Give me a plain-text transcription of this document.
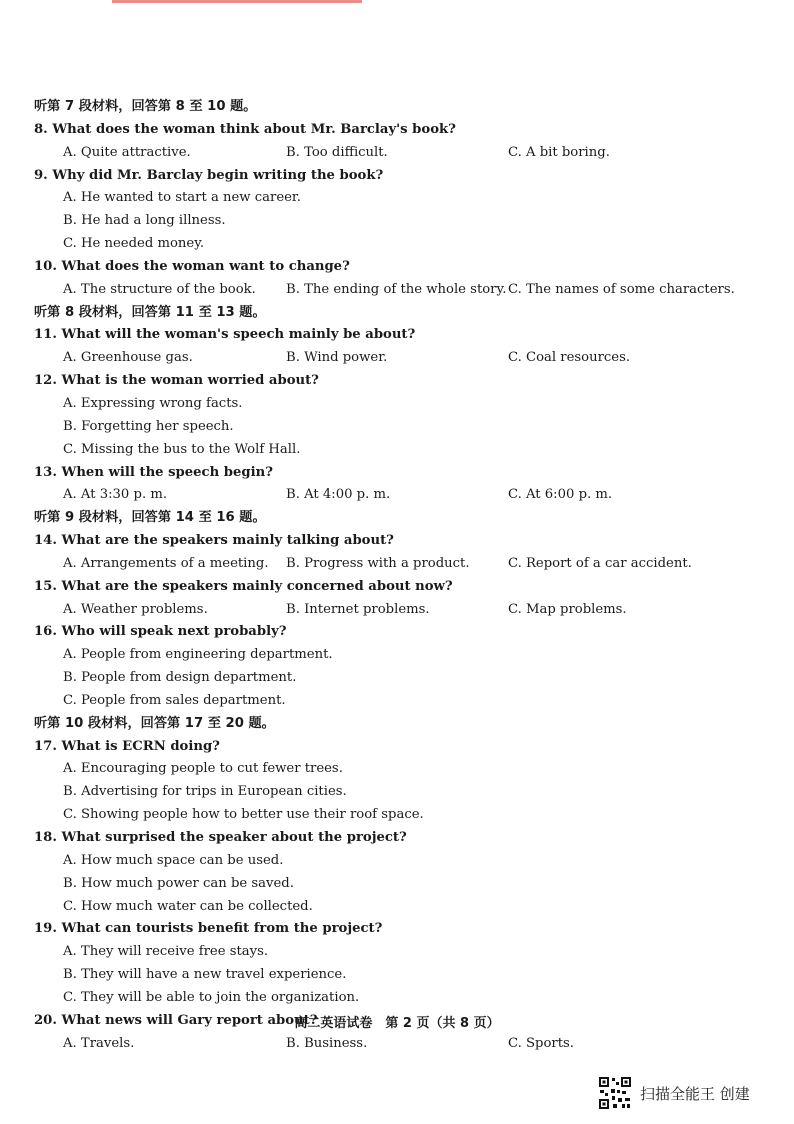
听第 7 段材料，回答第 8 至 10 题。
8. What does the woman think about Mr. Barclay's book?
A. Quite attractive.	B. Too difficult.	C. A bit boring.
9. Why did Mr. Barclay begin writing the book?
A. He wanted to start a new career.
B. He had a long illness.
C. He needed money.
10. What does the woman want to change?
A. The structure of the book. B. The ending of the whole story. C. The names of some characters.
听第 8 段材料，回答第 11 至 13 题。
11. What will the woman's speech mainly be about?
A. Greenhouse gas.	B. Wind power.	C. Coal resources.
12. What is the woman worried about?
A. Expressing wrong facts.
B. Forgetting her speech.
C. Missing the bus to the Wolf Hall.
13. When will the speech begin?
A. At 3:30 p. m.	B. At 4:00 p. m.	C. At 6:00 p. m.
听第 9 段材料，回答第 14 至 16 题。
14. What are the speakers mainly talking about?
A. Arrangements of a meeting. B. Progress with a product.	C. Report of a car accident.
15. What are the speakers mainly concerned about now?
A. Weather problems.	B. Internet problems.	C. Map problems.
16. Who will speak next probably?
A. People from engineering department.
B. People from design department.
C. People from sales department.
听第 10 段材料，回答第 17 至 20 题。
17. What is ECRN doing?
A. Encouraging people to cut fewer trees.
B. Advertising for trips in European cities.
C. Showing people how to better use their roof space.
18. What surprised the speaker about the project?
A. How much space can be used.
B. How much power can be saved.
C. How much water can be collected.
19. What can tourists benefit from the project?
A. They will receive free stays.
B. They will have a new travel experience.
C. They will be able to join the organization.
20. What news will Gary report about?
A. Travels.	B. Business.	C. Sports.
高二英语试卷　第 2 页（共 8 页）
扫描全能王 创建
